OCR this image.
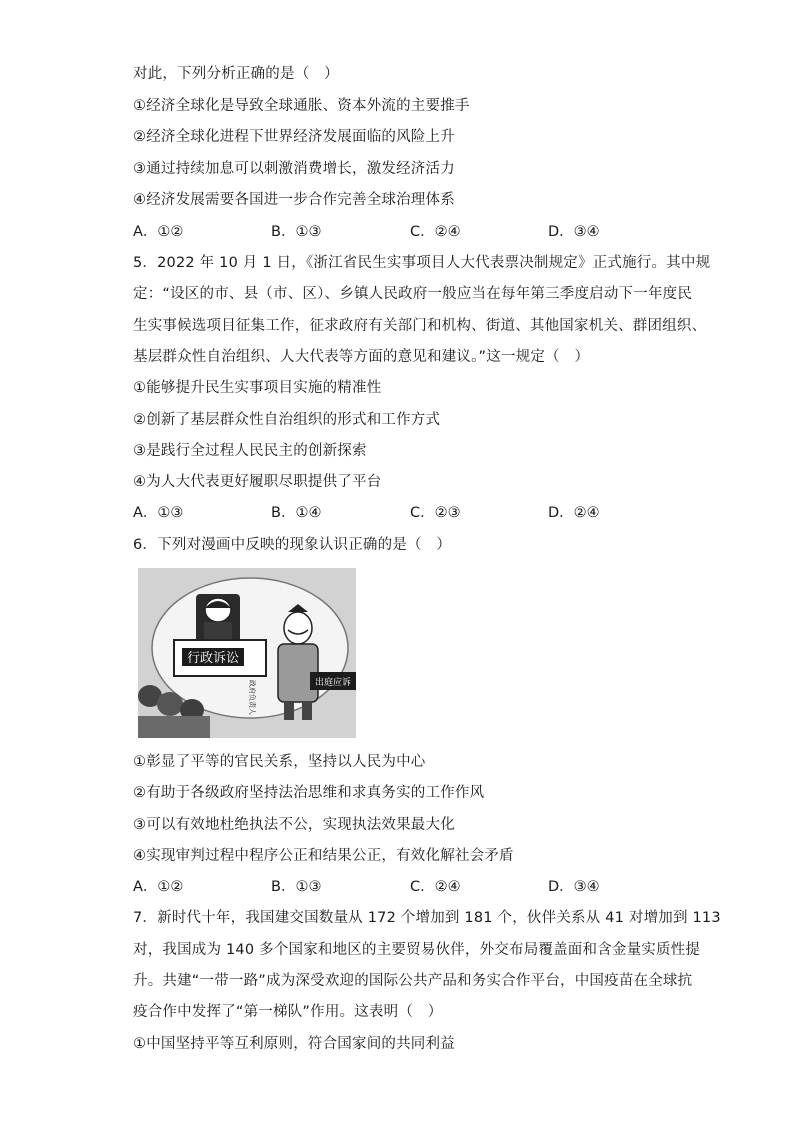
对此，下列分析正确的是（　）
①经济全球化是导致全球通胀、资本外流的主要推手
②经济全球化进程下世界经济发展面临的风险上升
③通过持续加息可以刺激消费增长，激发经济活力
④经济发展需要各国进一步合作完善全球治理体系
A．①②	B．①③	C．②④	D．③④
5．2022 年 10 月 1 日，《浙江省民生实事项目人大代表票决制规定》正式施行。其中规
定：“设区的市、县（市、区）、乡镇人民政府一般应当在每年第三季度启动下一年度民
生实事候选项目征集工作，征求政府有关部门和机构、街道、其他国家机关、群团组织、
基层群众性自治组织、人大代表等方面的意见和建议。”这一规定（　）
①能够提升民生实事项目实施的精准性
②创新了基层群众性自治组织的形式和工作方式
③是践行全过程人民民主的创新探索
④为人大代表更好履职尽职提供了平台
A．①③	B．①④	C．②③	D．②④
6．下列对漫画中反映的现象认识正确的是（　）
行政诉讼
政府负责人	出庭应诉
①彰显了平等的官民关系，坚持以人民为中心
②有助于各级政府坚持法治思维和求真务实的工作作风
③可以有效地杜绝执法不公，实现执法效果最大化
④实现审判过程中程序公正和结果公正，有效化解社会矛盾
A．①②	B．①③	C．②④	D．③④
7．新时代十年，我国建交国数量从 172 个增加到 181 个，伙伴关系从 41 对增加到 113
对，我国成为 140 多个国家和地区的主要贸易伙伴，外交布局覆盖面和含金量实质性提
升。共建“一带一路”成为深受欢迎的国际公共产品和务实合作平台，中国疫苗在全球抗
疫合作中发挥了“第一梯队”作用。这表明（　）
①中国坚持平等互利原则，符合国家间的共同利益
